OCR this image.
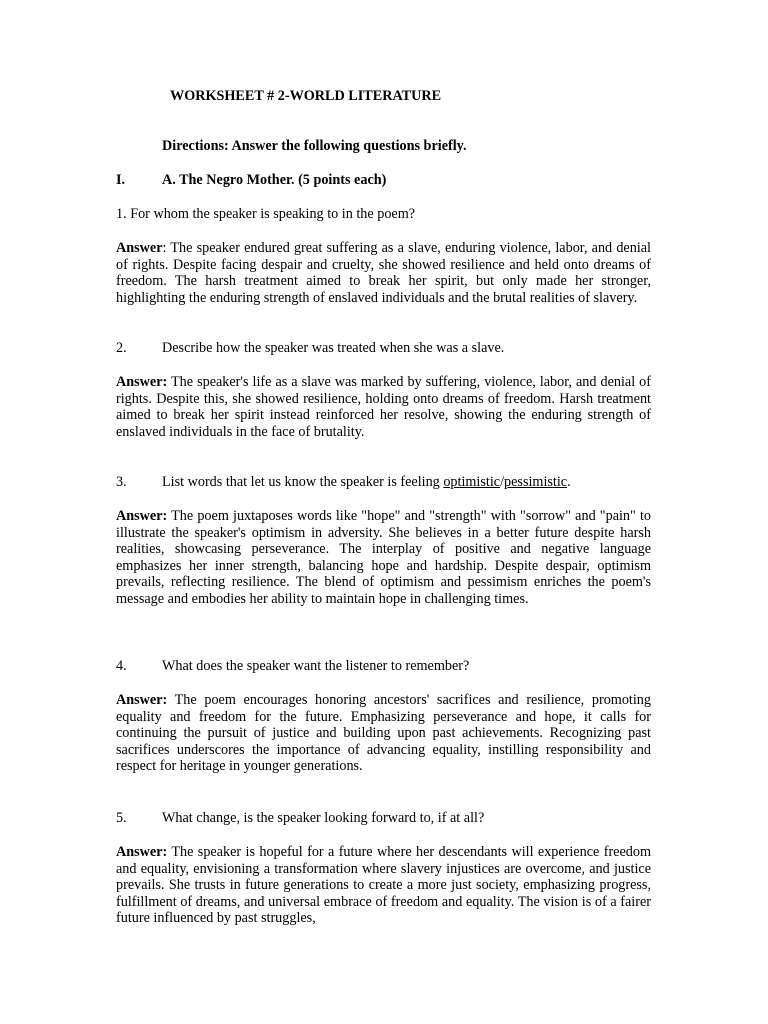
WORKSHEET # 2-WORLD LITERATURE
Directions: Answer the following questions briefly.
I.	A. The Negro Mother. (5 points each)
1. For whom the speaker is speaking to in the poem?
Answer: The speaker endured great suffering as a slave, enduring violence, labor, and denial of rights. Despite facing despair and cruelty, she showed resilience and held onto dreams of freedom. The harsh treatment aimed to break her spirit, but only made her stronger, highlighting the enduring strength of enslaved individuals and the brutal realities of slavery.
2. Describe how the speaker was treated when she was a slave.
Answer: The speaker's life as a slave was marked by suffering, violence, labor, and denial of rights. Despite this, she showed resilience, holding onto dreams of freedom. Harsh treatment aimed to break her spirit instead reinforced her resolve, showing the enduring strength of enslaved individuals in the face of brutality.
3. List words that let us know the speaker is feeling optimistic/pessimistic.
Answer: The poem juxtaposes words like "hope" and "strength" with "sorrow" and "pain" to illustrate the speaker's optimism in adversity. She believes in a better future despite harsh realities, showcasing perseverance. The interplay of positive and negative language emphasizes her inner strength, balancing hope and hardship. Despite despair, optimism prevails, reflecting resilience. The blend of optimism and pessimism enriches the poem's message and embodies her ability to maintain hope in challenging times.
4. What does the speaker want the listener to remember?
Answer: The poem encourages honoring ancestors' sacrifices and resilience, promoting equality and freedom for the future. Emphasizing perseverance and hope, it calls for continuing the pursuit of justice and building upon past achievements. Recognizing past sacrifices underscores the importance of advancing equality, instilling responsibility and respect for heritage in younger generations.
5. What change, is the speaker looking forward to, if at all?
Answer: The speaker is hopeful for a future where her descendants will experience freedom and equality, envisioning a transformation where slavery injustices are overcome, and justice prevails. She trusts in future generations to create a more just society, emphasizing progress, fulfillment of dreams, and universal embrace of freedom and equality. The vision is of a fairer future influenced by past struggles,
